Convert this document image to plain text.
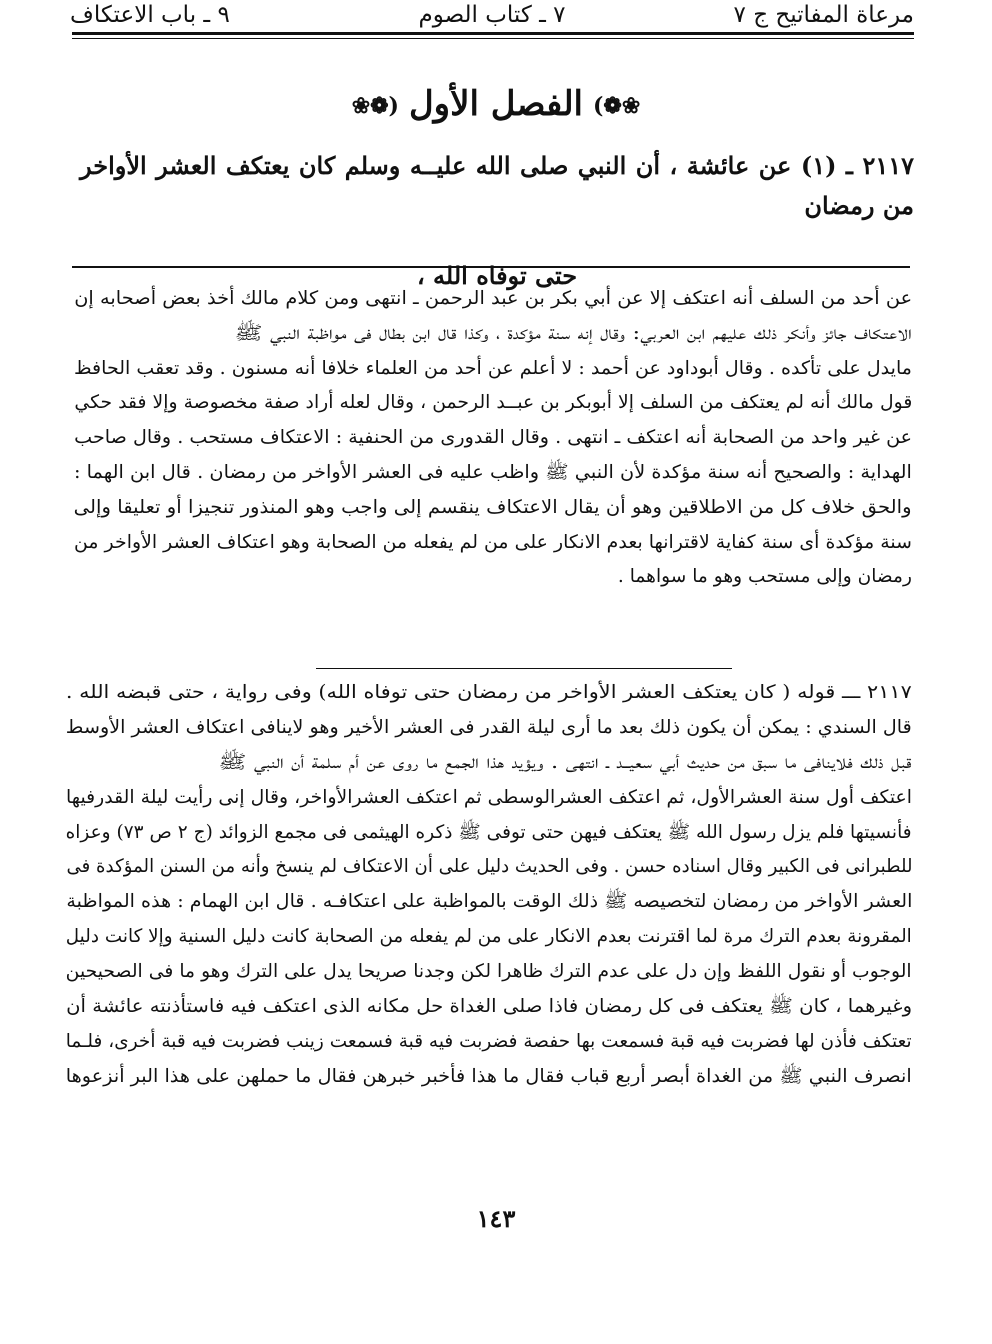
مرعاة المفاتيح ج ٧
٧ ـ كتاب الصوم
٩ ـ باب الاعتكاف
❀❁)الفصل الأول(❁❀

٢١١٧ ـ (١) عن عائشة ، أن النبي صلى الله عليــه وسلم كان يعتكف العشر الأواخر من رمضان

حتى توفاه الله ،

عن أحد من السلف أنه اعتكف إلا عن أبي بكر بن عبد الرحمن ـ انتهى ومن كلام مالك أخذ بعض أصحابه إن
الاعتكاف جائز وأنكر ذلك عليهم ابن العربي: وقال إنه سنة مؤكدة ، وكذا قال ابن بطال فى مواظبة النبي ﷺ
مايدل على تأكده . وقال أبوداود عن أحمد : لا أعلم عن أحد من العلماء خلافا أنه مسنون . وقد تعقب الحافظ
قول مالك أنه لم يعتكف من السلف إلا أبوبكر بن عبــد الرحمن ، وقال لعله أراد صفة مخصوصة وإلا فقد حكي
عن غير واحد من الصحابة أنه اعتكف ـ انتهى . وقال القدورى من الحنفية : الاعتكاف مستحب . وقال صاحب
الهداية : والصحيح أنه سنة مؤكدة لأن النبي ﷺ واظب عليه فى العشر الأواخر من رمضان . قال ابن الهما :
والحق خلاف كل من الاطلاقين وهو أن يقال الاعتكاف ينقسم إلى واجب وهو المنذور تنجيزا أو تعليقا وإلى
سنة مؤكدة أى سنة كفاية لاقترانها بعدم الانكار على من لم يفعله من الصحابة وهو اعتكاف العشر الأواخر من
رمضان وإلى مستحب وهو ما سواهما .
٢١١٧ ـــ قوله ( كان يعتكف العشر الأواخر من رمضان حتى توفاه الله) وفى رواية ، حتى قبضه الله .
قال السندي : يمكن أن يكون ذلك بعد ما أرى ليلة القدر فى العشر الأخير وهو لاينافى اعتكاف العشر الأوسط
قبل ذلك فلاينافى ما سبق من حديث أبي سعيــد ـ انتهى . ويؤيد هذا الجمع ما روى عن أم سلمة أن النبي ﷺ
اعتكف أول سنة العشرالأول، ثم اعتكف العشرالوسطى ثم اعتكف العشرالأواخر، وقال إنى رأيت ليلة القدرفيها
فأنسيتها فلم يزل رسول الله ﷺ يعتكف فيهن حتى توفى ﷺ ذكره الهيثمى فى مجمع الزوائد (ج ٢ ص ٧٣) وعزاه
للطبرانى فى الكبير وقال اسناده حسن . وفى الحديث دليل على أن الاعتكاف لم ينسخ وأنه من السنن المؤكدة فى
العشر الأواخر من رمضان لتخصيصه ﷺ ذلك الوقت بالمواظبة على اعتكافـه . قال ابن الهمام : هذه المواظبة
المقرونة بعدم الترك مرة لما اقترنت بعدم الانكار على من لم يفعله من الصحابة كانت دليل السنية وإلا كانت دليل
الوجوب أو نقول اللفظ وإن دل على عدم الترك ظاهرا لكن وجدنا صريحا يدل على الترك وهو ما فى الصحيحين
وغيرهما ، كان ﷺ يعتكف فى كل رمضان فاذا صلى الغداة حل مكانه الذى اعتكف فيه فاستأذنته عائشة أن
تعتكف فأذن لها فضربت فيه قبة فسمعت بها حفصة فضربت فيه قبة فسمعت زينب فضربت فيه قبة أخرى، فلـما
انصرف النبي ﷺ من الغداة أبصر أربع قباب فقال ما هذا فأخبر خبرهن فقال ما حملهن على هذا البر أنزعوها
١٤٣
